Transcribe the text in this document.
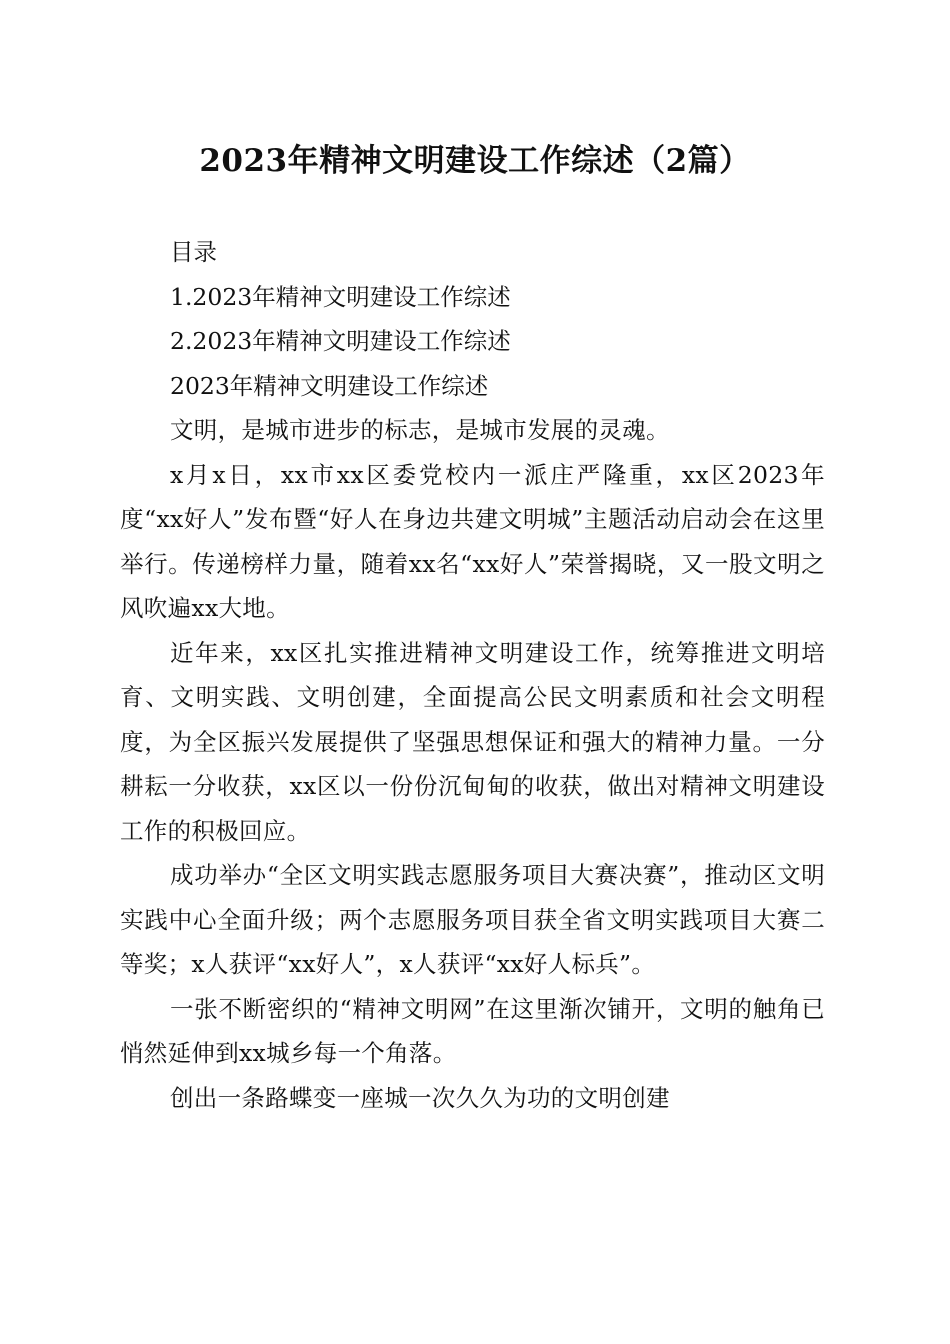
2023年精神文明建设工作综述（2篇）

目录

1.2023年精神文明建设工作综述

2.2023年精神文明建设工作综述

2023年精神文明建设工作综述

文明，是城市进步的标志，是城市发展的灵魂。

x月x日，xx市xx区委党校内一派庄严隆重，xx区2023年度“xx好人”发布暨“好人在身边共建文明城”主题活动启动会在这里举行。传递榜样力量，随着xx名“xx好人”荣誉揭晓，又一股文明之风吹遍xx大地。

近年来，xx区扎实推进精神文明建设工作，统筹推进文明培育、文明实践、文明创建，全面提高公民文明素质和社会文明程度，为全区振兴发展提供了坚强思想保证和强大的精神力量。一分耕耘一分收获，xx区以一份份沉甸甸的收获，做出对精神文明建设工作的积极回应。

成功举办“全区文明实践志愿服务项目大赛决赛”，推动区文明实践中心全面升级；两个志愿服务项目获全省文明实践项目大赛二等奖；x人获评“xx好人”，x人获评“xx好人标兵”。

一张不断密织的“精神文明网”在这里渐次铺开，文明的触角已悄然延伸到xx城乡每一个角落。

创出一条路蝶变一座城一次久久为功的文明创建
